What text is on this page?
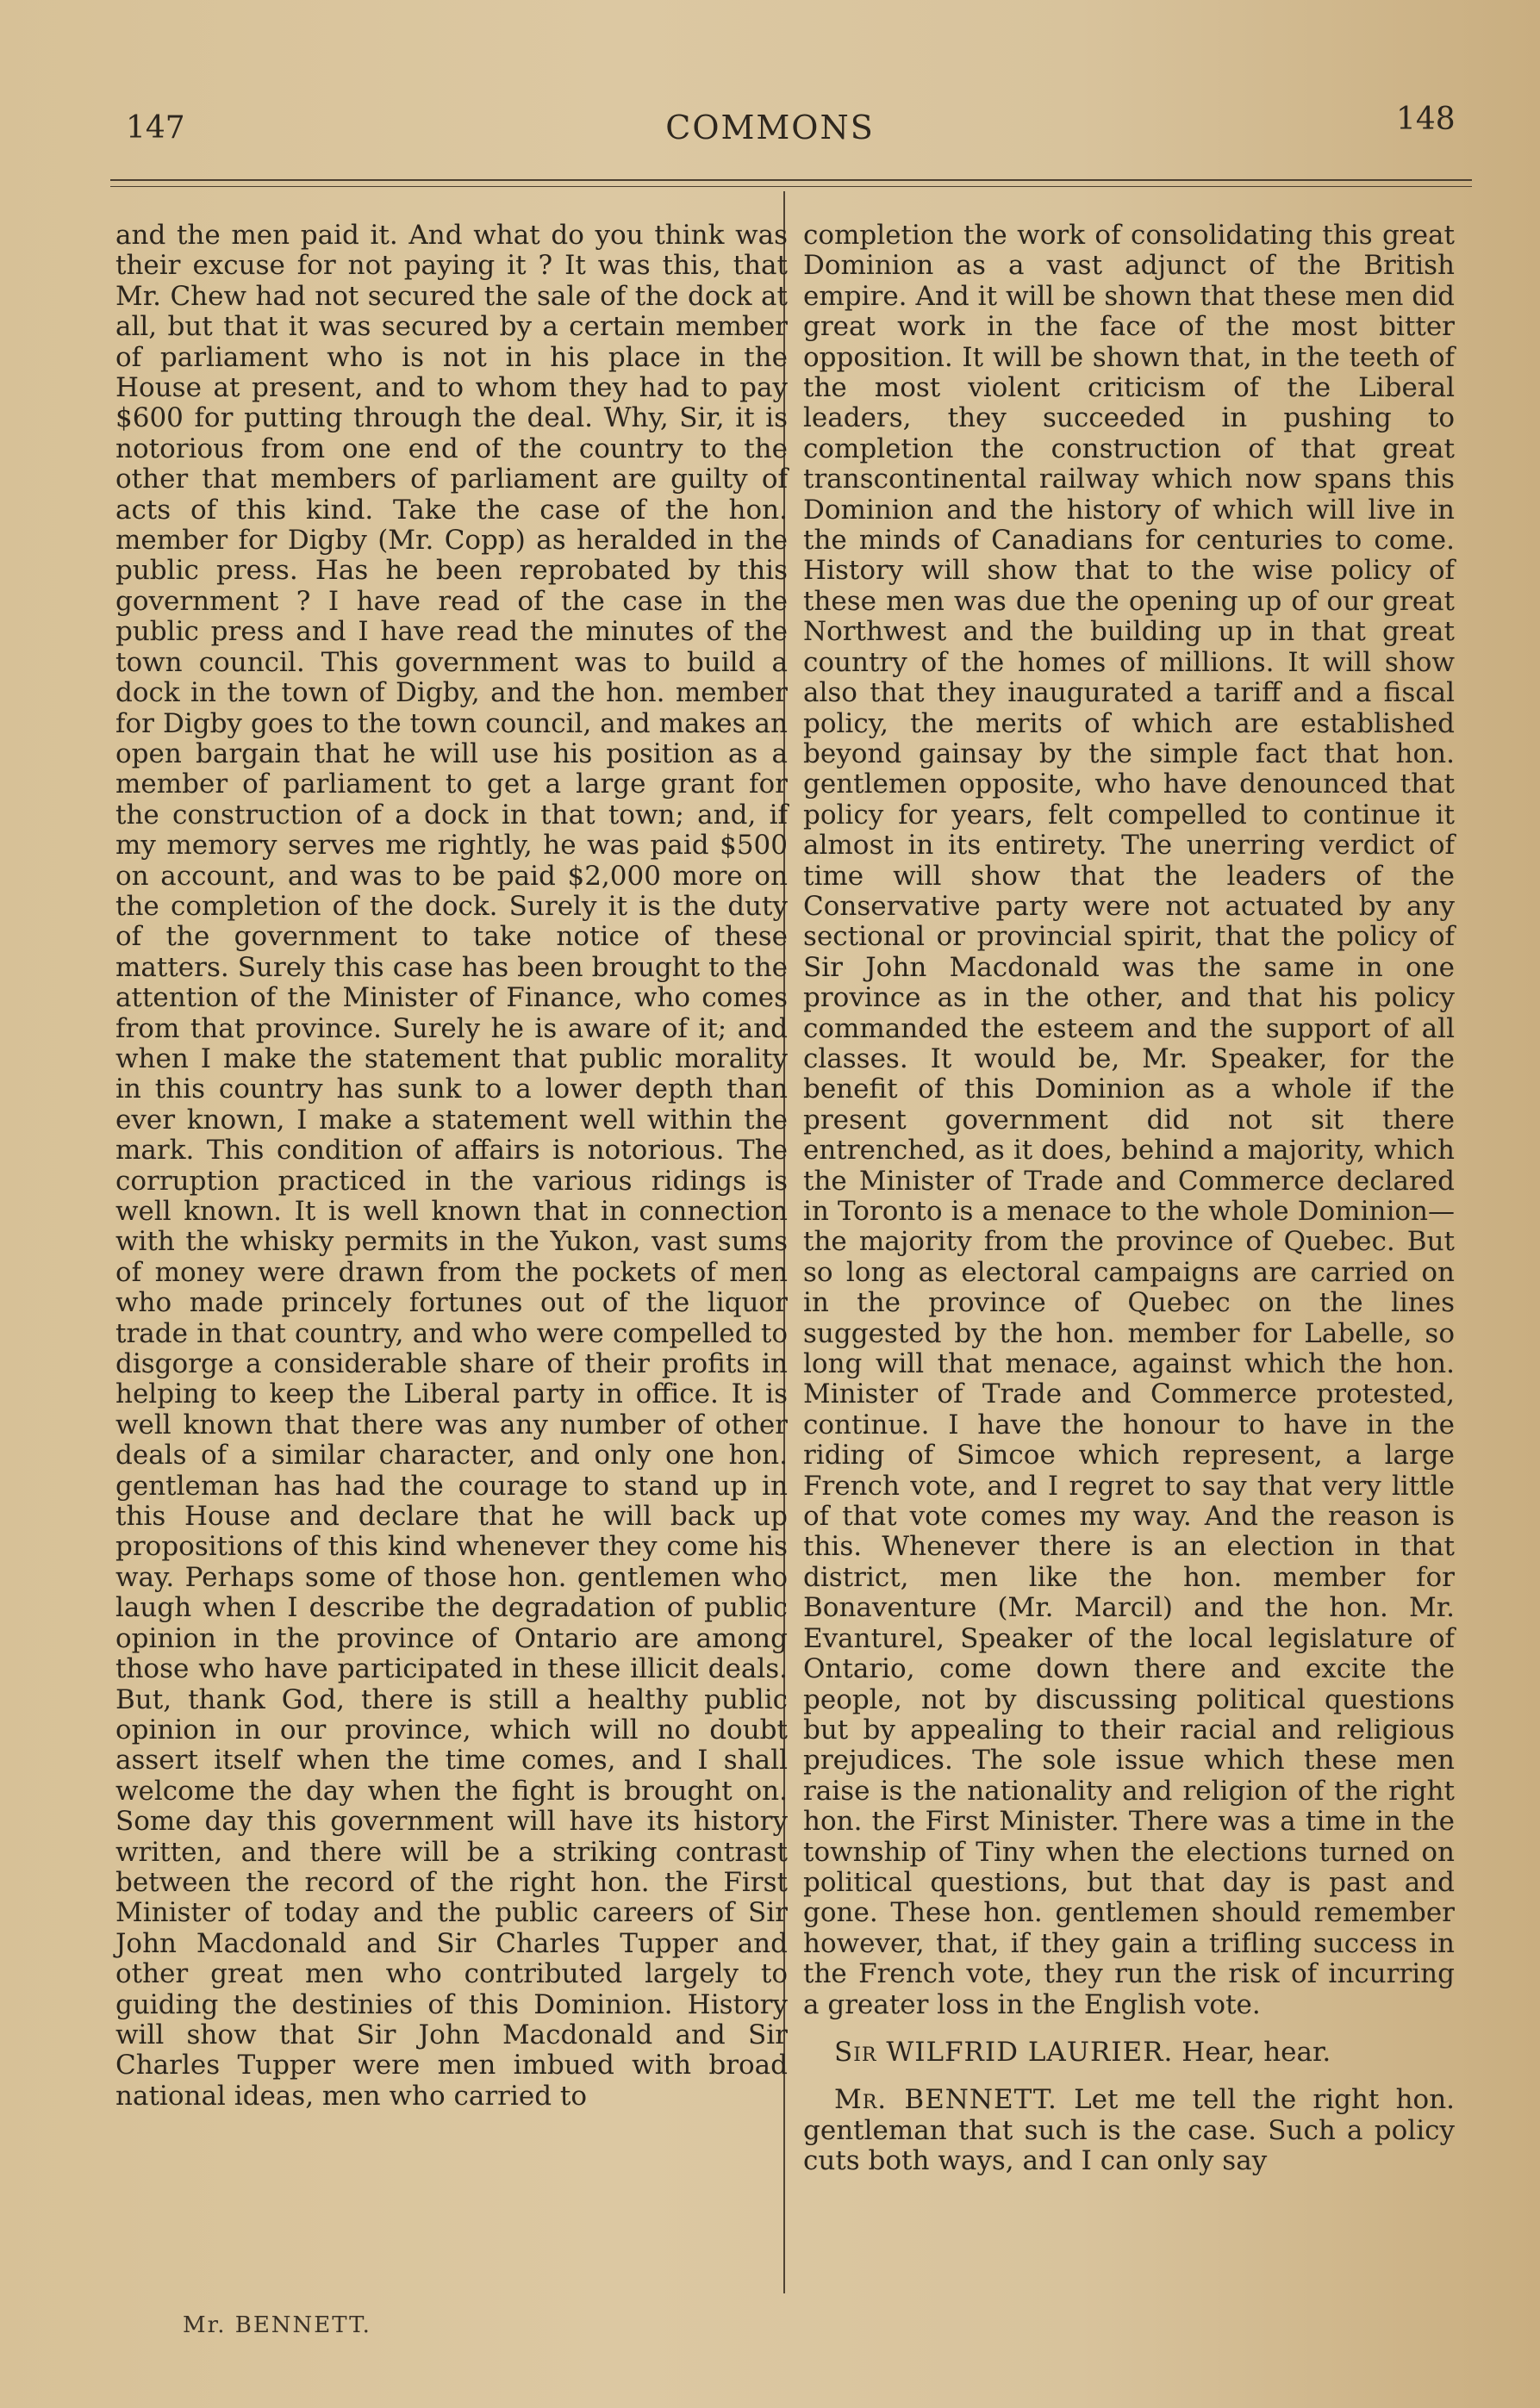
147	COMMONS	148

and the men paid it. And what do you think was their excuse for not paying it ? It was this, that Mr. Chew had not secured the sale of the dock at all, but that it was secured by a certain member of parliament who is not in his place in the House at present, and to whom they had to pay $600 for putting through the deal. Why, Sir, it is notorious from one end of the country to the other that members of parliament are guilty of acts of this kind. Take the case of the hon. member for Digby (Mr. Copp) as heralded in the public press. Has he been reprobated by this government ? I have read of the case in the public press and I have read the minutes of the town council. This government was to build a dock in the town of Digby, and the hon. member for Digby goes to the town council, and makes an open bargain that he will use his position as a member of parliament to get a large grant for the construction of a dock in that town; and, if my memory serves me rightly, he was paid $500 on account, and was to be paid $2,000 more on the completion of the dock. Surely it is the duty of the government to take notice of these matters. Surely this case has been brought to the attention of the Minister of Finance, who comes from that province. Surely he is aware of it; and when I make the statement that public morality in this country has sunk to a lower depth than ever known, I make a statement well within the mark. This condition of affairs is notorious. The corruption practiced in the various ridings is well known. It is well known that in connection with the whisky permits in the Yukon, vast sums of money were drawn from the pockets of men who made princely fortunes out of the liquor trade in that country, and who were compelled to disgorge a considerable share of their profits in helping to keep the Liberal party in office. It is well known that there was any number of other deals of a similar character, and only one hon. gentleman has had the courage to stand up in this House and declare that he will back up propositions of this kind whenever they come his way. Perhaps some of those hon. gentlemen who laugh when I describe the degradation of public opinion in the province of Ontario are among those who have participated in these illicit deals. But, thank God, there is still a healthy public opinion in our province, which will no doubt assert itself when the time comes, and I shall welcome the day when the fight is brought on. Some day this government will have its history written, and there will be a striking contrast between the record of the right hon. the First Minister of today and the public careers of Sir John Macdonald and Sir Charles Tupper and other great men who contributed largely to guiding the destinies of this Dominion. History will show that Sir John Macdonald and Sir Charles Tupper were men imbued with broad national ideas, men who carried to

completion the work of consolidating this great Dominion as a vast adjunct of the British empire. And it will be shown that these men did great work in the face of the most bitter opposition. It will be shown that, in the teeth of the most violent criticism of the Liberal leaders, they succeeded in pushing to completion the construction of that great transcontinental railway which now spans this Dominion and the history of which will live in the minds of Canadians for centuries to come. History will show that to the wise policy of these men was due the opening up of our great Northwest and the building up in that great country of the homes of millions. It will show also that they inaugurated a tariff and a fiscal policy, the merits of which are established beyond gainsay by the simple fact that hon. gentlemen opposite, who have denounced that policy for years, felt compelled to continue it almost in its entirety. The unerring verdict of time will show that the leaders of the Conservative party were not actuated by any sectional or provincial spirit, that the policy of Sir John Macdonald was the same in one province as in the other, and that his policy commanded the esteem and the support of all classes. It would be, Mr. Speaker, for the benefit of this Dominion as a whole if the present government did not sit there entrenched, as it does, behind a majority, which the Minister of Trade and Commerce declared in Toronto is a menace to the whole Dominion—the majority from the province of Quebec. But so long as electoral campaigns are carried on in the province of Quebec on the lines suggested by the hon. member for Labelle, so long will that menace, against which the hon. Minister of Trade and Commerce protested, continue. I have the honour to have in the riding of Simcoe which represent, a large French vote, and I regret to say that very little of that vote comes my way. And the reason is this. Whenever there is an election in that district, men like the hon. member for Bonaventure (Mr. Marcil) and the hon. Mr. Evanturel, Speaker of the local legislature of Ontario, come down there and excite the people, not by discussing political questions but by appealing to their racial and religious prejudices. The sole issue which these men raise is the nationality and religion of the right hon. the First Minister. There was a time in the township of Tiny when the elections turned on political questions, but that day is past and gone. These hon. gentlemen should remember however, that, if they gain a trifling success in the French vote, they run the risk of incurring a greater loss in the English vote.

Sir WILFRID LAURIER. Hear, hear.

Mr. BENNETT. Let me tell the right hon. gentleman that such is the case. Such a policy cuts both ways, and I can only say

Mr. BENNETT.
